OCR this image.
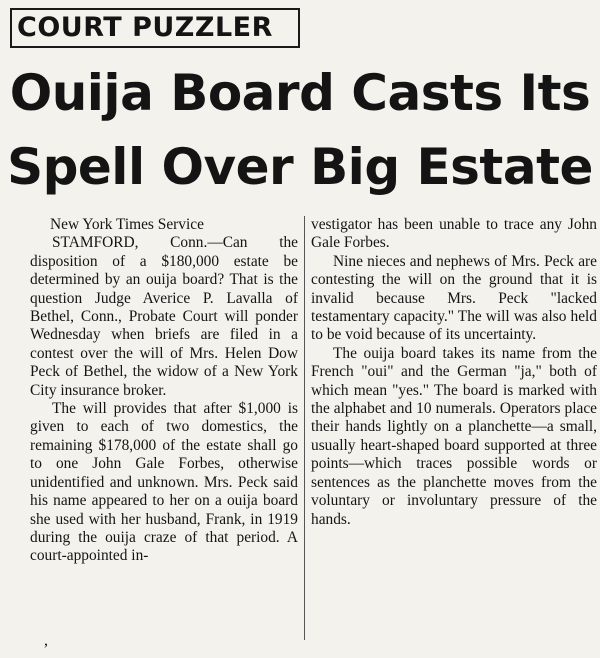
COURT PUZZLER
Ouija Board Casts Its
Spell Over Big Estate

New York Times Service

STAMFORD, Conn.—Can the disposition of a $180,000 estate be determined by an ouija board? That is the question Judge Averice P. Lavalla of Bethel, Conn., Probate Court will ponder Wednesday when briefs are filed in a contest over the will of Mrs. Helen Dow Peck of Bethel, the widow of a New York City insurance broker.

The will provides that after $1,000 is given to each of two domestics, the remaining $178,000 of the estate shall go to one John Gale Forbes, otherwise unidentified and unknown. Mrs. Peck said his name appeared to her on a ouija board she used with her husband, Frank, in 1919 during the ouija craze of that period. A court-appointed in-

vestigator has been unable to trace any John Gale Forbes.

Nine nieces and nephews of Mrs. Peck are contesting the will on the ground that it is invalid because Mrs. Peck "lacked testamentary capacity." The will was also held to be void because of its uncertainty.

The ouija board takes its name from the French "oui" and the German "ja," both of which mean "yes." The board is marked with the alphabet and 10 numerals. Operators place their hands lightly on a planchette—a small, usually heart-shaped board supported at three points—which traces possible words or sentences as the planchette moves from the voluntary or involuntary pressure of the hands.

,
